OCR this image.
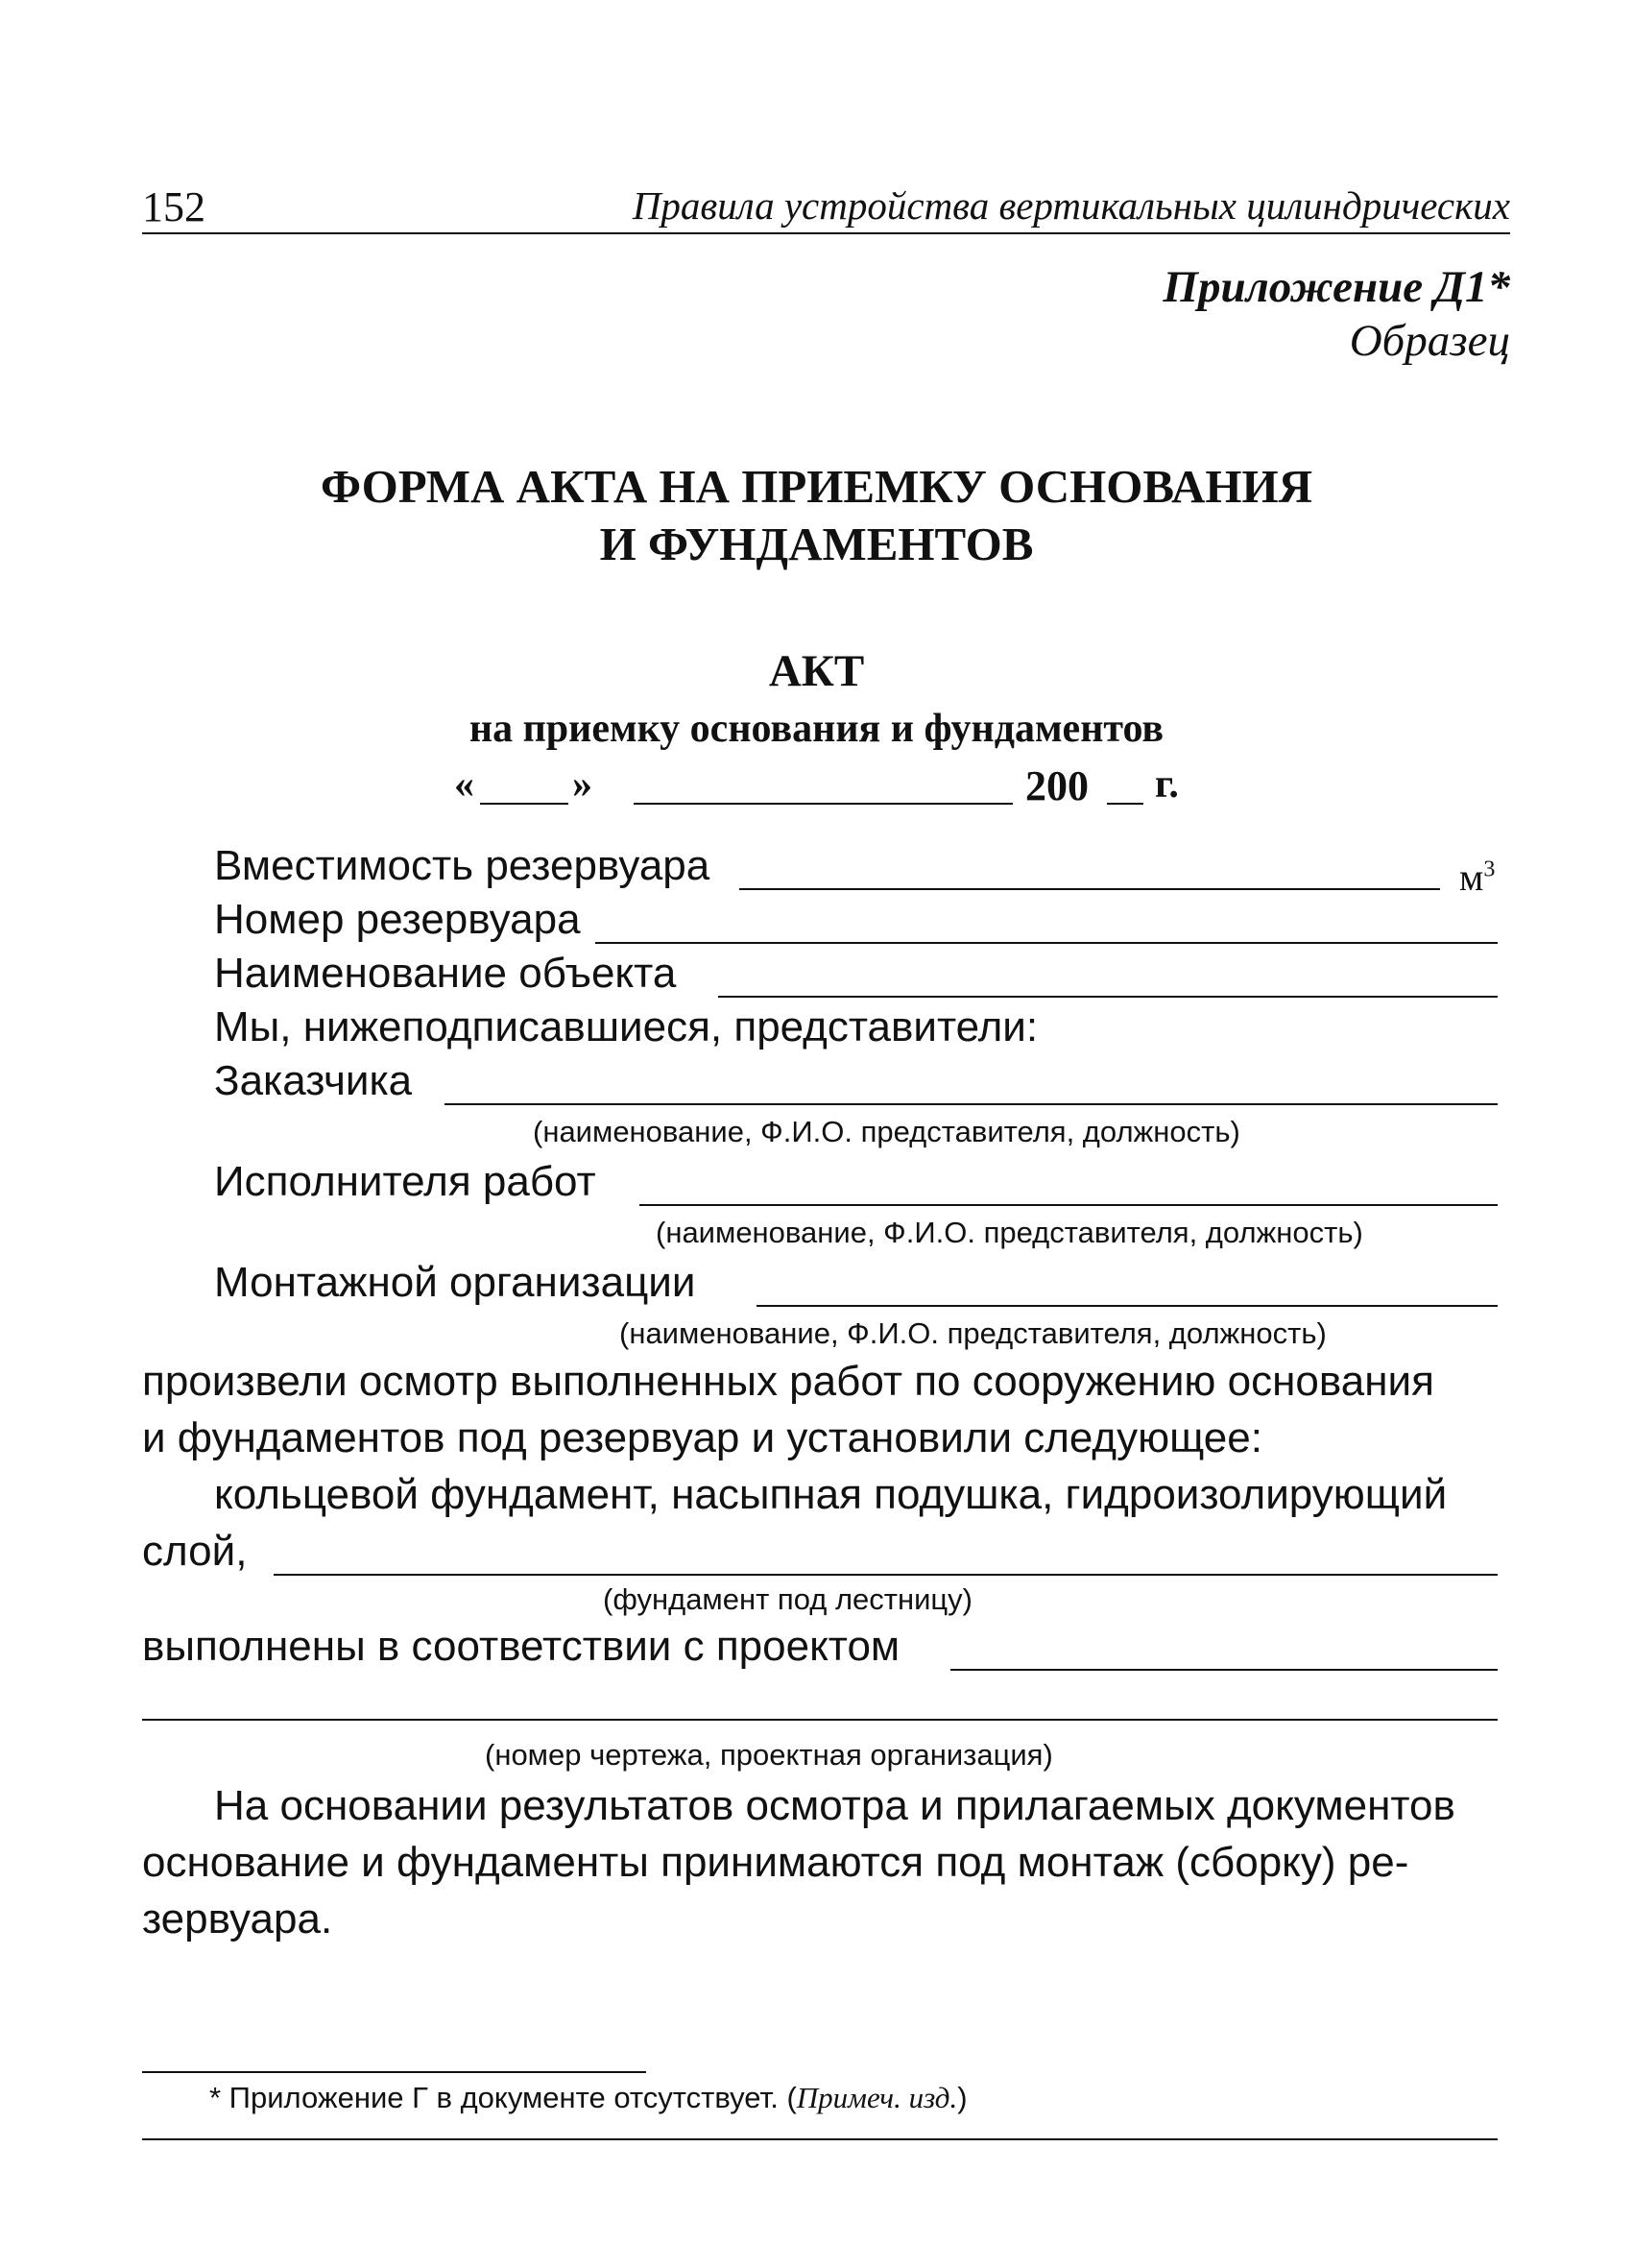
152	Правила устройства вертикальных цилиндрических
Приложение Д1*
Образец
ФОРМА АКТА НА ПРИЕМКУ ОСНОВАНИЯ
И ФУНДАМЕНТОВ
АКТ
на приемку основания и фундаментов
« »	200 г.
Вместимость резервуара	$м^3$
Номер резервуара
Наименование объекта
Мы, нижеподписавшиеся, представители:
Заказчика
(наименование, Ф.И.О. представителя, должность)
Исполнителя работ
(наименование, Ф.И.О. представителя, должность)
Монтажной организации
(наименование, Ф.И.О. представителя, должность)
произвели осмотр выполненных работ по сооружению основания
и фундаментов под резервуар и установили следующее:
кольцевой фундамент, насыпная подушка, гидроизолирующий
слой,
(фундамент под лестницу)
выполнены в соответствии с проектом
(номер чертежа, проектная организация)
На основании результатов осмотра и прилагаемых документов
основание и фундаменты принимаются под монтаж (сборку) ре-
зервуара.
* Приложение Г в документе отсутствует. (Примеч. изд.)
